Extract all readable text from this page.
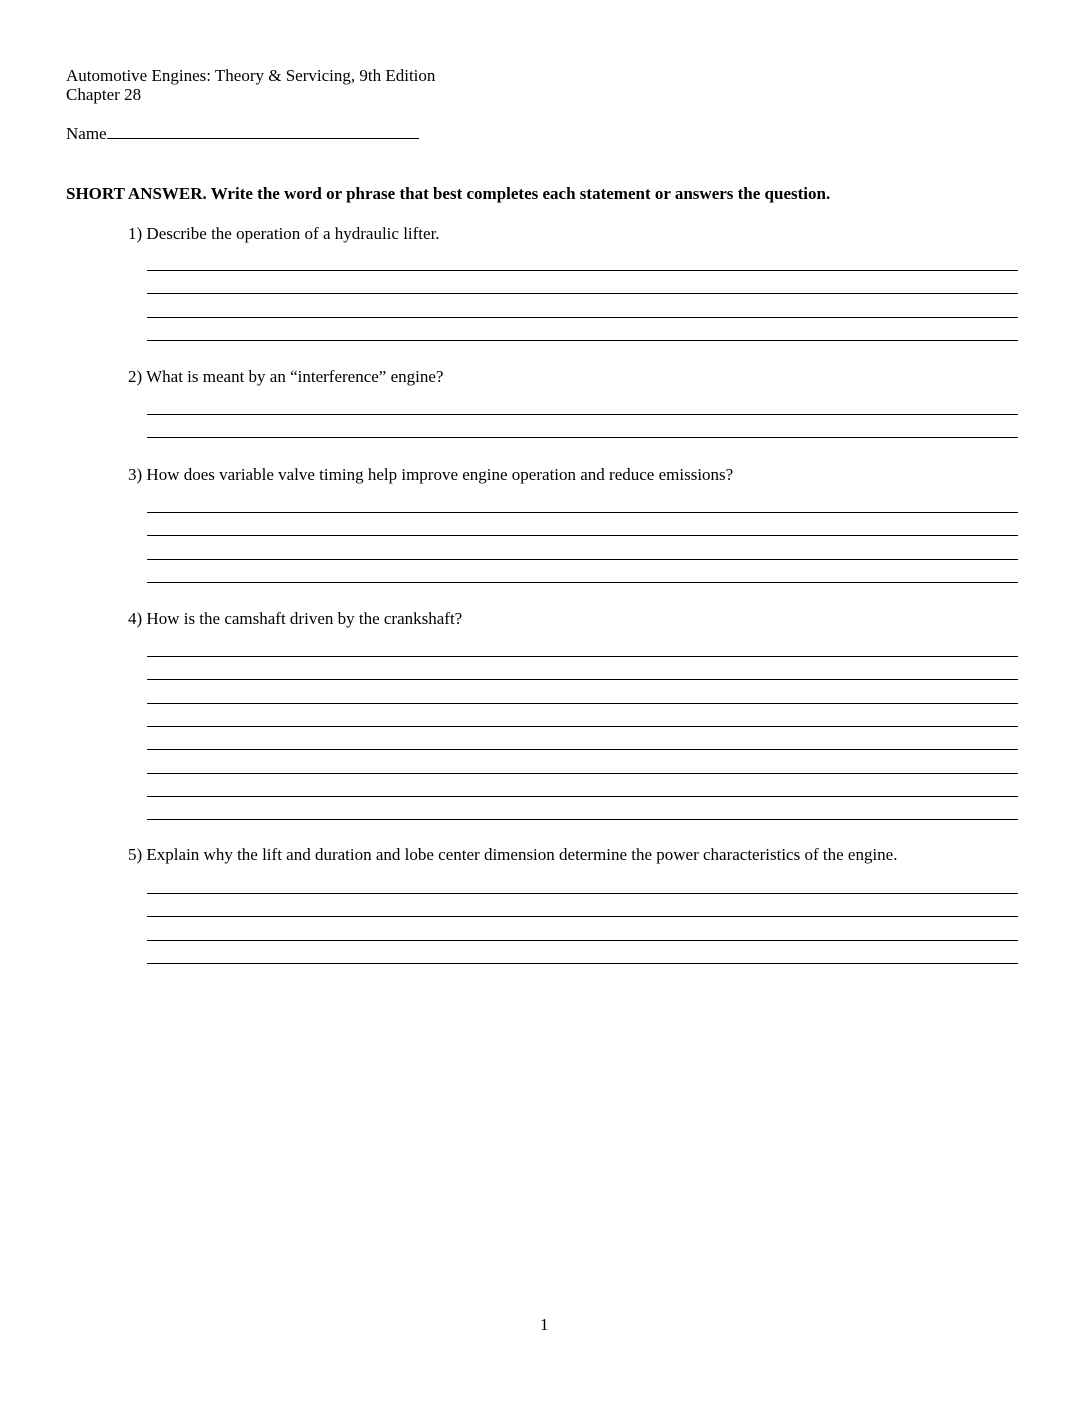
Automotive Engines: Theory & Servicing, 9th Edition
Chapter 28
Name
SHORT ANSWER. Write the word or phrase that best completes each statement or answers the question.
1) Describe the operation of a hydraulic lifter.
2) What is meant by an “interference” engine?
3) How does variable valve timing help improve engine operation and reduce emissions?
4) How is the camshaft driven by the crankshaft?
5) Explain why the lift and duration and lobe center dimension determine the power characteristics of the engine.
1
